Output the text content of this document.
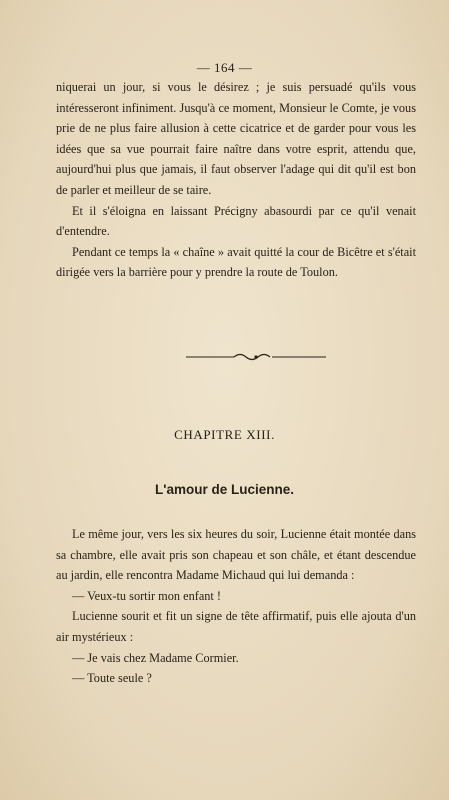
— 164 —

niquerai un jour, si vous le désirez ; je suis persuadé qu'ils vous intéresseront infiniment. Jusqu'à ce moment, Monsieur le Comte, je vous prie de ne plus faire allusion à cette cicatrice et de garder pour vous les idées que sa vue pourrait faire naître dans votre esprit, attendu que, aujourd'hui plus que jamais, il faut observer l'adage qui dit qu'il est bon de parler et meilleur de se taire.

Et il s'éloigna en laissant Précigny abasourdi par ce qu'il venait d'entendre.

Pendant ce temps la « chaîne » avait quitté la cour de Bicêtre et s'était dirigée vers la barrière pour y prendre la route de Toulon.

CHAPITRE XIII.
L'amour de Lucienne.

Le même jour, vers les six heures du soir, Lucienne était montée dans sa chambre, elle avait pris son chapeau et son châle, et étant descendue au jardin, elle rencontra Madame Michaud qui lui demanda :

— Veux-tu sortir mon enfant !

Lucienne sourit et fit un signe de tête affirmatif, puis elle ajouta d'un air mystérieux :

— Je vais chez Madame Cormier.

— Toute seule ?
